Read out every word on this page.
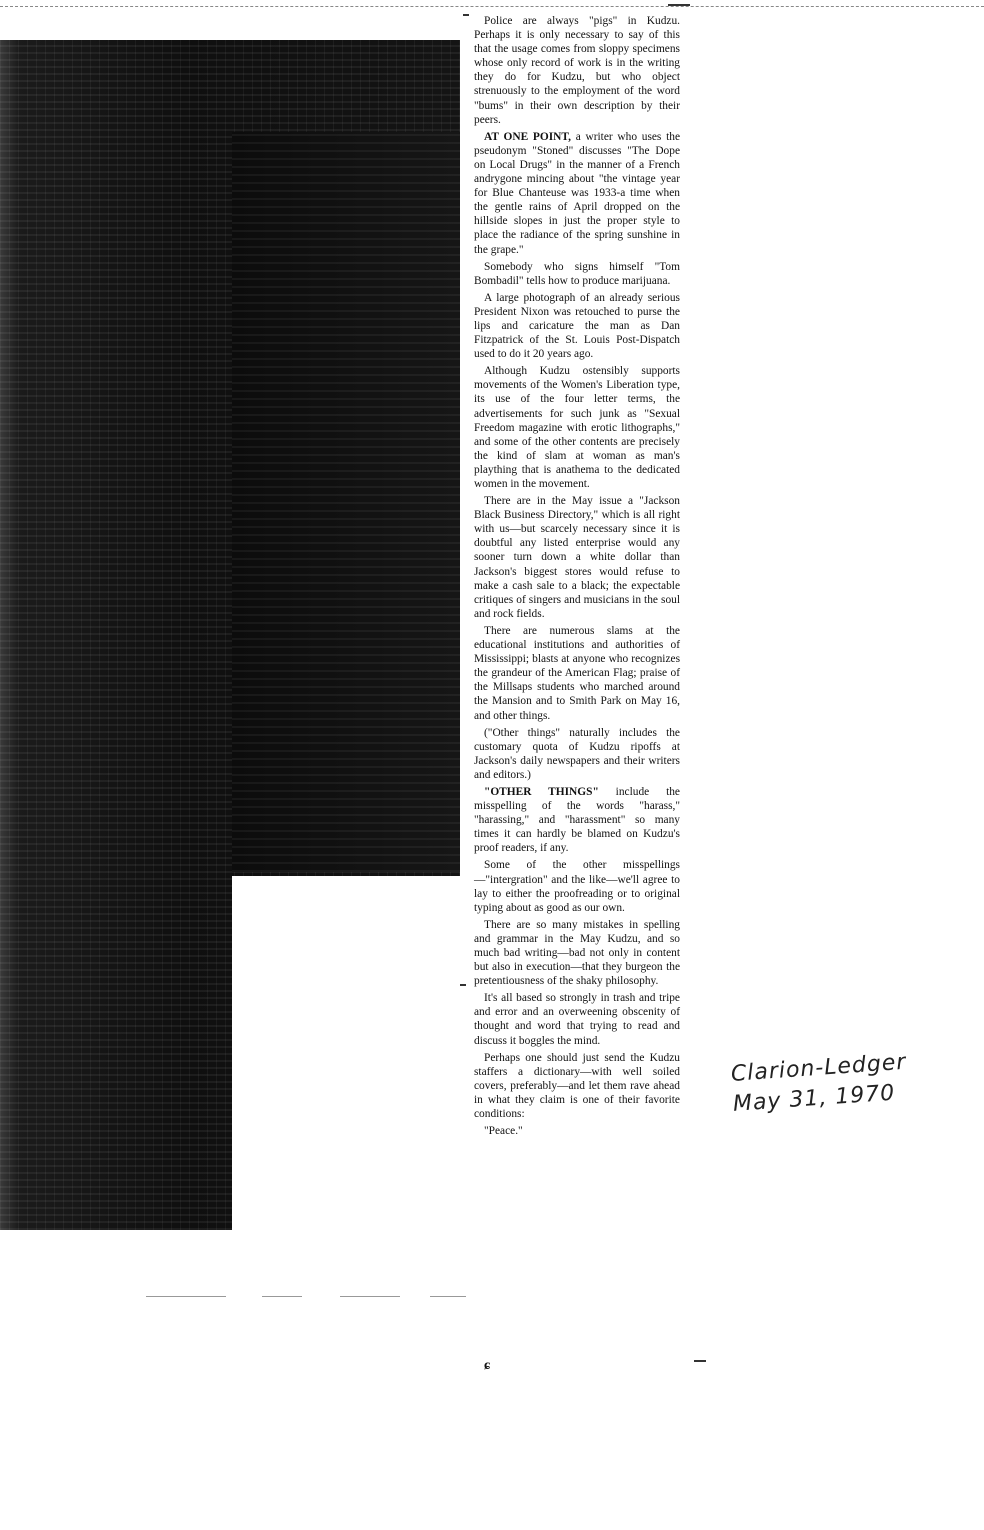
Police are always "pigs" in Kudzu. Perhaps it is only necessary to say of this that the usage comes from sloppy specimens whose only record of work is in the writing they do for Kudzu, but who object strenuously to the employment of the word "bums" in their own description by their peers.

AT ONE POINT, a writer who uses the pseudonym "Stoned" discusses "The Dope on Local Drugs" in the manner of a French andrygone mincing about "the vintage year for Blue Chanteuse was 1933-a time when the gentle rains of April dropped on the hillside slopes in just the proper style to place the radiance of the spring sunshine in the grape."

Somebody who signs himself "Tom Bombadil" tells how to produce marijuana.

A large photograph of an already serious President Nixon was retouched to purse the lips and caricature the man as Dan Fitzpatrick of the St. Louis Post-Dispatch used to do it 20 years ago.

Although Kudzu ostensibly supports movements of the Women's Liberation type, its use of the four letter terms, the advertisements for such junk as "Sexual Freedom magazine with erotic lithographs," and some of the other contents are precisely the kind of slam at woman as man's plaything that is anathema to the dedicated women in the movement.

There are in the May issue a "Jackson Black Business Directory," which is all right with us—but scarcely necessary since it is doubtful any listed enterprise would any sooner turn down a white dollar than Jackson's biggest stores would refuse to make a cash sale to a black; the expectable critiques of singers and musicians in the soul and rock fields.

There are numerous slams at the educational institutions and authorities of Mississippi; blasts at anyone who recognizes the grandeur of the American Flag; praise of the Millsaps students who marched around the Mansion and to Smith Park on May 16, and other things.

("Other things" naturally includes the customary quota of Kudzu ripoffs at Jackson's daily newspapers and their writers and editors.)

"OTHER THINGS" include the misspelling of the words "harass," "harassing," and "harassment" so many times it can hardly be blamed on Kudzu's proof readers, if any.

Some of the other misspellings—"intergration" and the like—we'll agree to lay to either the proofreading or to original typing about as good as our own.

There are so many mistakes in spelling and grammar in the May Kudzu, and so much bad writing—bad not only in content but also in execution—that they burgeon the pretentiousness of the shaky philosophy.

It's all based so strongly in trash and tripe and error and an overweening obscenity of thought and word that trying to read and discuss it boggles the mind.

Perhaps one should just send the Kudzu staffers a dictionary—with well soiled covers, preferably—and let them rave ahead in what they claim is one of their favorite conditions:

"Peace."

ɕ
Clarion-Ledger
May 31, 1970
